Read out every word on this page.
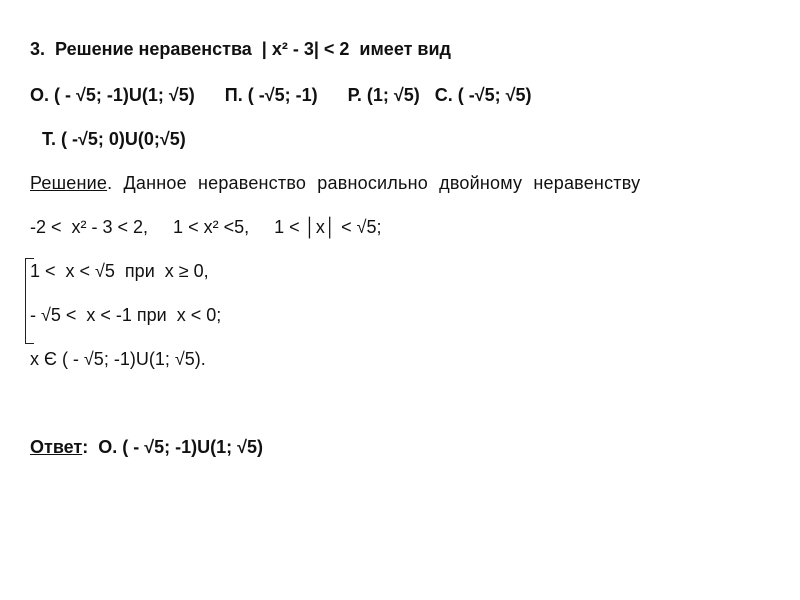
3.  Решение неравенства  | x² - 3| < 2  имеет вид
О. ( - √5; -1)U(1; √5)      П. ( -√5; -1)      Р. (1; √5)   С. ( -√5; √5)
Т. ( -√5; 0)U(0;√5)
Решение. Данное неравенство равносильно двойному неравенству
-2 <  x² - 3 < 2,     1 < x² <5,     1 < │x│ < √5;
1 <  x < √5  при  x ≥ 0,
- √5 <  x < -1 при  x < 0;
x Є ( - √5; -1)U(1; √5).
Ответ:  О. ( - √5; -1)U(1; √5)
